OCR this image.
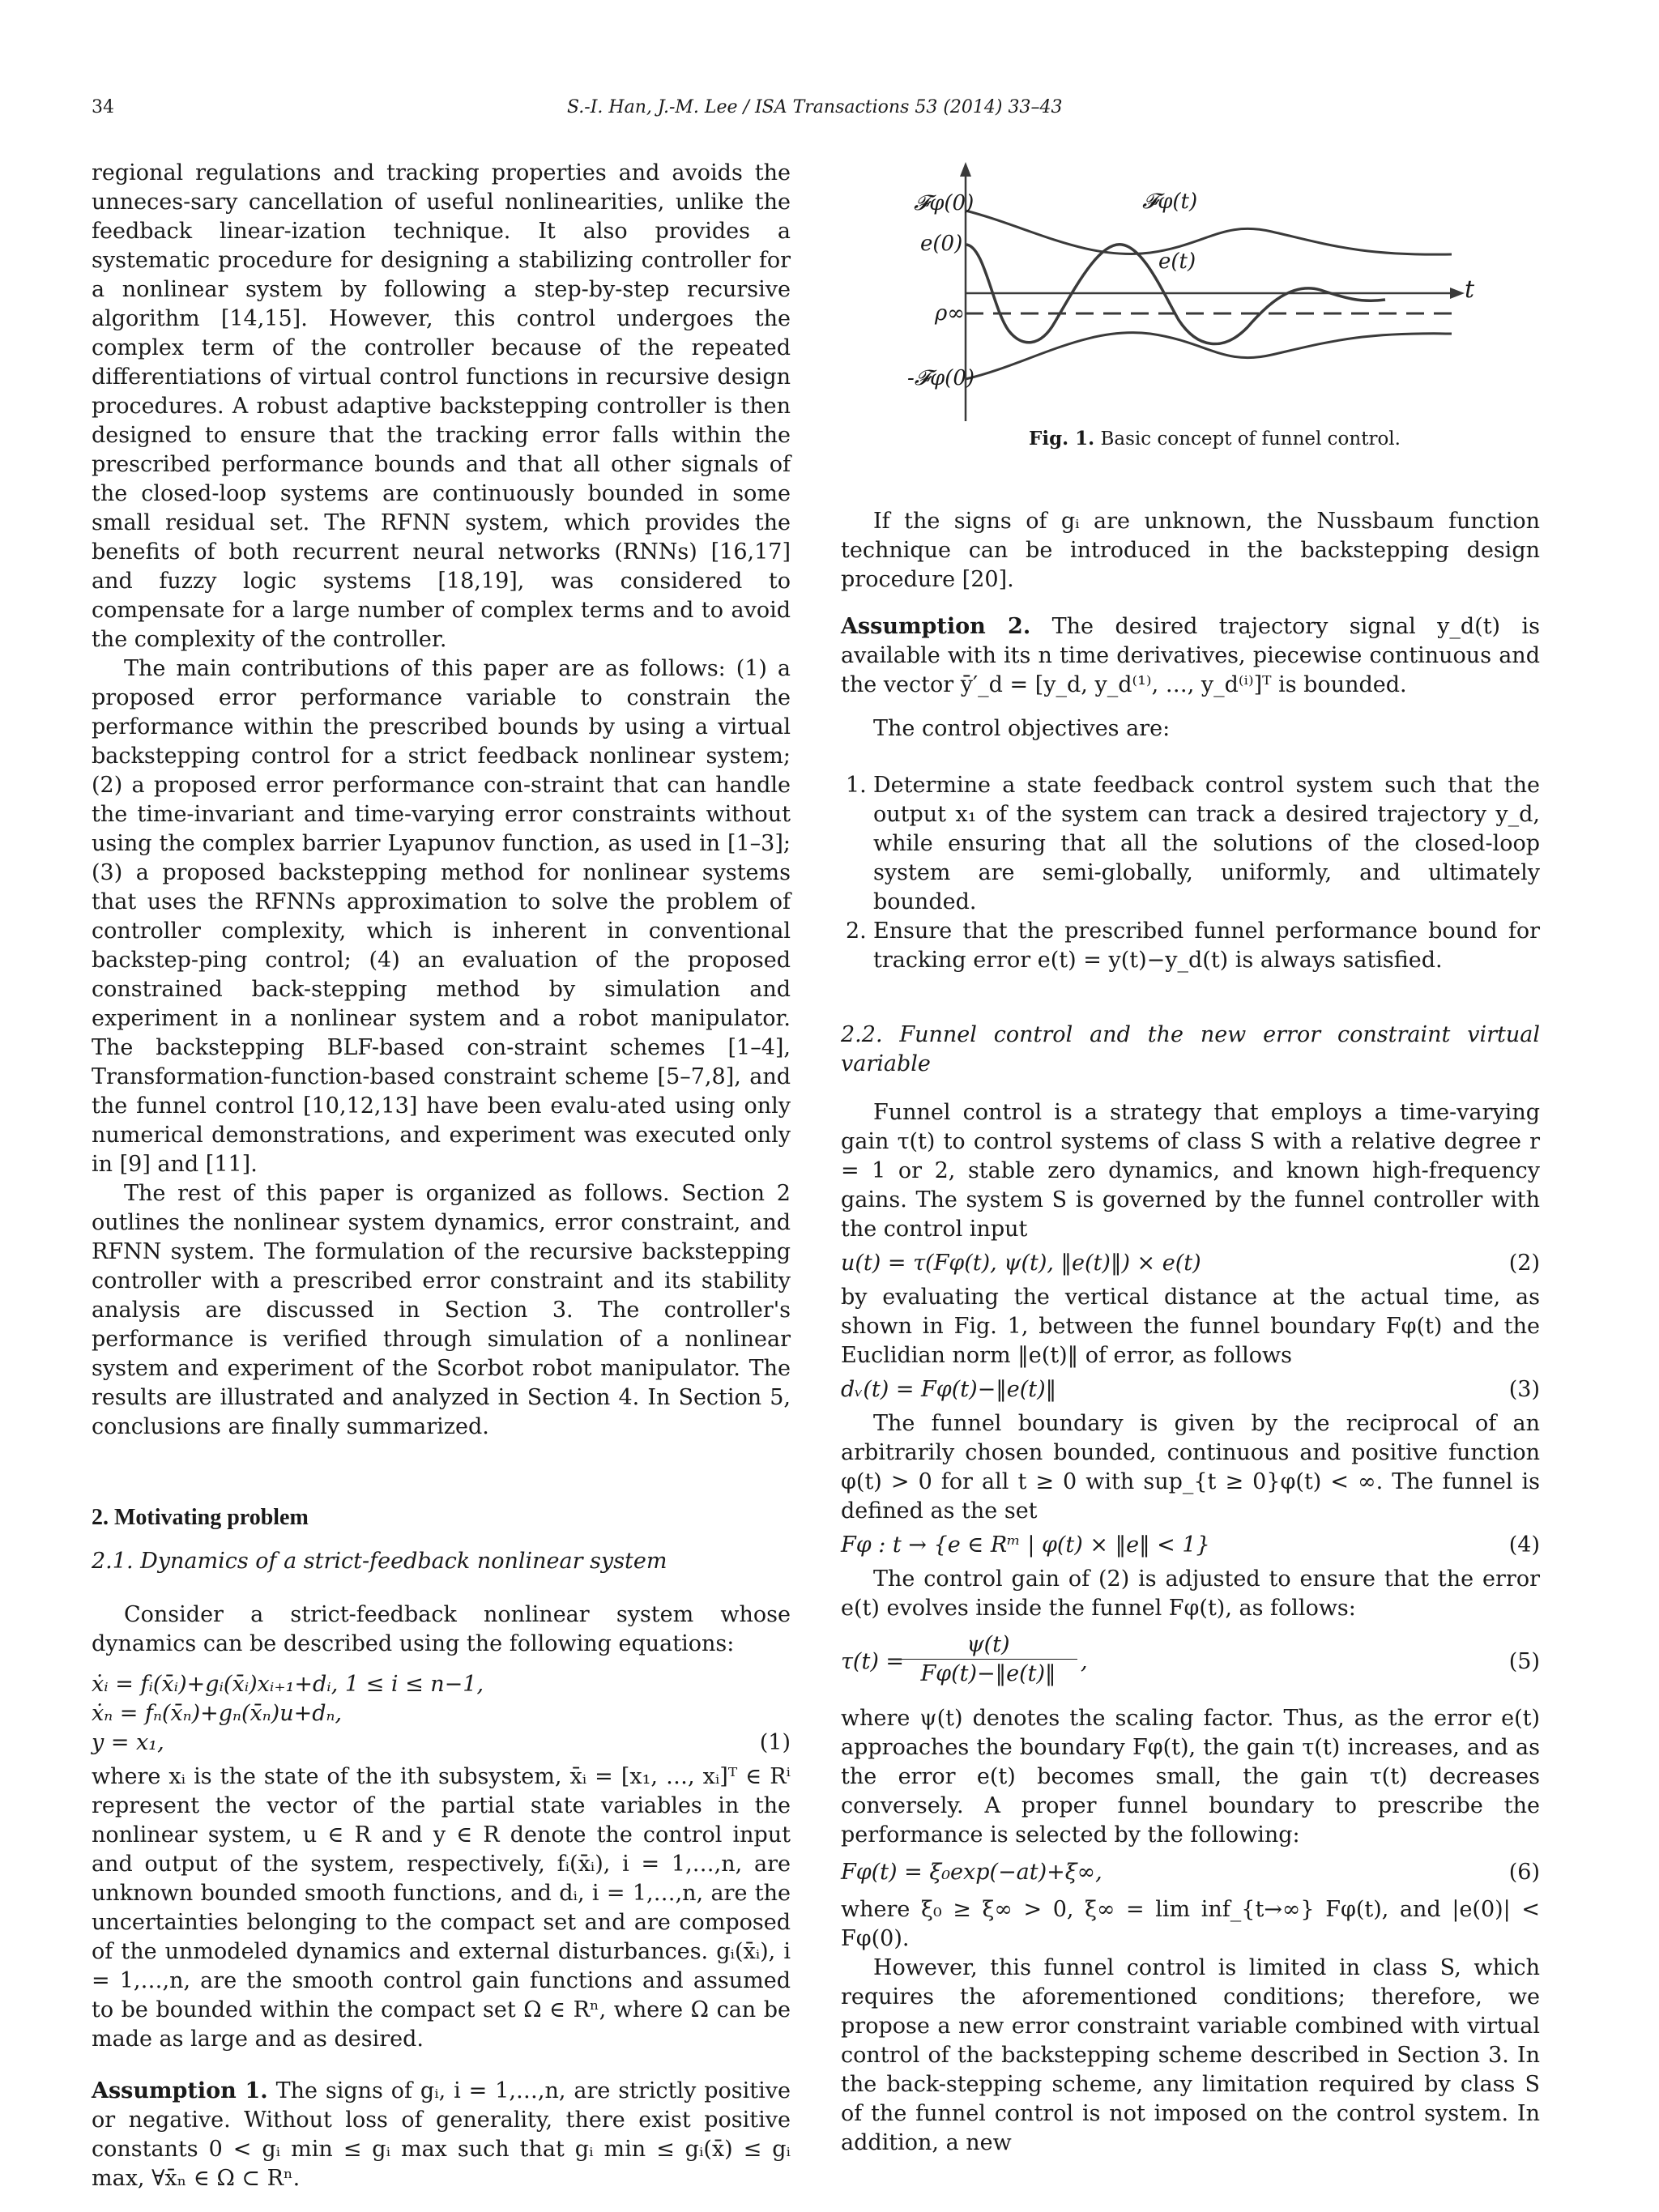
34	S.-I. Han, J.-M. Lee / ISA Transactions 53 (2014) 33–43

regional regulations and tracking properties and avoids the unneces-sary cancellation of useful nonlinearities, unlike the feedback linear-ization technique. It also provides a systematic procedure for designing a stabilizing controller for a nonlinear system by following a step-by-step recursive algorithm [14,15]. However, this control undergoes the complex term of the controller because of the repeated differentiations of virtual control functions in recursive design procedures. A robust adaptive backstepping controller is then designed to ensure that the tracking error falls within the prescribed performance bounds and that all other signals of the closed-loop systems are continuously bounded in some small residual set. The RFNN system, which provides the benefits of both recurrent neural networks (RNNs) [16,17] and fuzzy logic systems [18,19], was considered to compensate for a large number of complex terms and to avoid the complexity of the controller.

The main contributions of this paper are as follows: (1) a proposed error performance variable to constrain the performance within the prescribed bounds by using a virtual backstepping control for a strict feedback nonlinear system; (2) a proposed error performance con-straint that can handle the time-invariant and time-varying error constraints without using the complex barrier Lyapunov function, as used in [1–3]; (3) a proposed backstepping method for nonlinear systems that uses the RFNNs approximation to solve the problem of controller complexity, which is inherent in conventional backstep-ping control; (4) an evaluation of the proposed constrained back-stepping method by simulation and experiment in a nonlinear system and a robot manipulator. The backstepping BLF-based con-straint schemes [1–4], Transformation-function-based constraint scheme [5–7,8], and the funnel control [10,12,13] have been evalu-ated using only numerical demonstrations, and experiment was executed only in [9] and [11].

The rest of this paper is organized as follows. Section 2 outlines the nonlinear system dynamics, error constraint, and RFNN system. The formulation of the recursive backstepping controller with a prescribed error constraint and its stability analysis are discussed in Section 3. The controller's performance is verified through simulation of a nonlinear system and experiment of the Scorbot robot manipulator. The results are illustrated and analyzed in Section 4. In Section 5, conclusions are finally summarized.

2. Motivating problem

2.1. Dynamics of a strict-feedback nonlinear system

Consider a strict-feedback nonlinear system whose dynamics can be described using the following equations:

ẋᵢ = fᵢ(x̄ᵢ)+gᵢ(x̄ᵢ)xᵢ₊₁+dᵢ, 1 ≤ i ≤ n−1,
ẋₙ = fₙ(x̄ₙ)+gₙ(x̄ₙ)u+dₙ,
y = x₁,	(1)

where xᵢ is the state of the ith subsystem, x̄ᵢ = [x₁, …, xᵢ]ᵀ ∈ Rⁱ represent the vector of the partial state variables in the nonlinear system, u ∈ R and y ∈ R denote the control input and output of the system, respectively, fᵢ(x̄ᵢ), i = 1,…,n, are unknown bounded smooth functions, and dᵢ, i = 1,…,n, are the uncertainties belonging to the compact set and are composed of the unmodeled dynamics and external disturbances. gᵢ(x̄ᵢ), i = 1,…,n, are the smooth control gain functions and assumed to be bounded within the compact set Ω ∈ Rⁿ, where Ω can be made as large and as desired.

Assumption 1. The signs of gᵢ, i = 1,…,n, are strictly positive or negative. Without loss of generality, there exist positive constants 0 < gᵢ min ≤ gᵢ max such that gᵢ min ≤ gᵢ(x̄) ≤ gᵢ max, ∀x̄ₙ ∈ Ω ⊂ Rⁿ.

𝓕φ(0)
e(0)
ρ∞
-𝓕φ(0)
𝓕φ(t)
e(t)
t
Fig. 1. Basic concept of funnel control.

If the signs of gᵢ are unknown, the Nussbaum function technique can be introduced in the backstepping design procedure [20].

Assumption 2. The desired trajectory signal y_d(t) is available with its n time derivatives, piecewise continuous and the vector ȳ′_d = [y_d, y_d⁽¹⁾, …, y_d⁽ⁱ⁾]ᵀ is bounded.

The control objectives are:

1. Determine a state feedback control system such that the output x₁ of the system can track a desired trajectory y_d, while ensuring that all the solutions of the closed-loop system are semi-globally, uniformly, and ultimately bounded.
2. Ensure that the prescribed funnel performance bound for tracking error e(t) = y(t)−y_d(t) is always satisfied.

2.2. Funnel control and the new error constraint virtual variable

Funnel control is a strategy that employs a time-varying gain τ(t) to control systems of class S with a relative degree r = 1 or 2, stable zero dynamics, and known high-frequency gains. The system S is governed by the funnel controller with the control input

u(t) = τ(Fφ(t), ψ(t), ‖e(t)‖) × e(t)	(2)

by evaluating the vertical distance at the actual time, as shown in Fig. 1, between the funnel boundary Fφ(t) and the Euclidian norm ‖e(t)‖ of error, as follows

dᵥ(t) = Fφ(t)−‖e(t)‖	(3)

The funnel boundary is given by the reciprocal of an arbitrarily chosen bounded, continuous and positive function φ(t) > 0 for all t ≥ 0 with sup_{t ≥ 0}φ(t) < ∞. The funnel is defined as the set

Fφ : t → {e ∈ Rᵐ | φ(t) × ‖e‖ < 1}	(4)

The control gain of (2) is adjusted to ensure that the error e(t) evolves inside the funnel Fφ(t), as follows:

τ(t) =
$\frac{\psi(t)}{F\varphi(t)-‖e(t)‖}$ ,	(5)

where ψ(t) denotes the scaling factor. Thus, as the error e(t) approaches the boundary Fφ(t), the gain τ(t) increases, and as the error e(t) becomes small, the gain τ(t) decreases conversely. A proper funnel boundary to prescribe the performance is selected by the following:

Fφ(t) = ξ₀exp(−at)+ξ∞,	(6)

where ξ₀ ≥ ξ∞ > 0, ξ∞ = lim inf_{t→∞} Fφ(t), and |e(0)| < Fφ(0).

However, this funnel control is limited in class S, which requires the aforementioned conditions; therefore, we propose a new error constraint variable combined with virtual control of the backstepping scheme described in Section 3. In the back-stepping scheme, any limitation required by class S of the funnel control is not imposed on the control system. In addition, a new
